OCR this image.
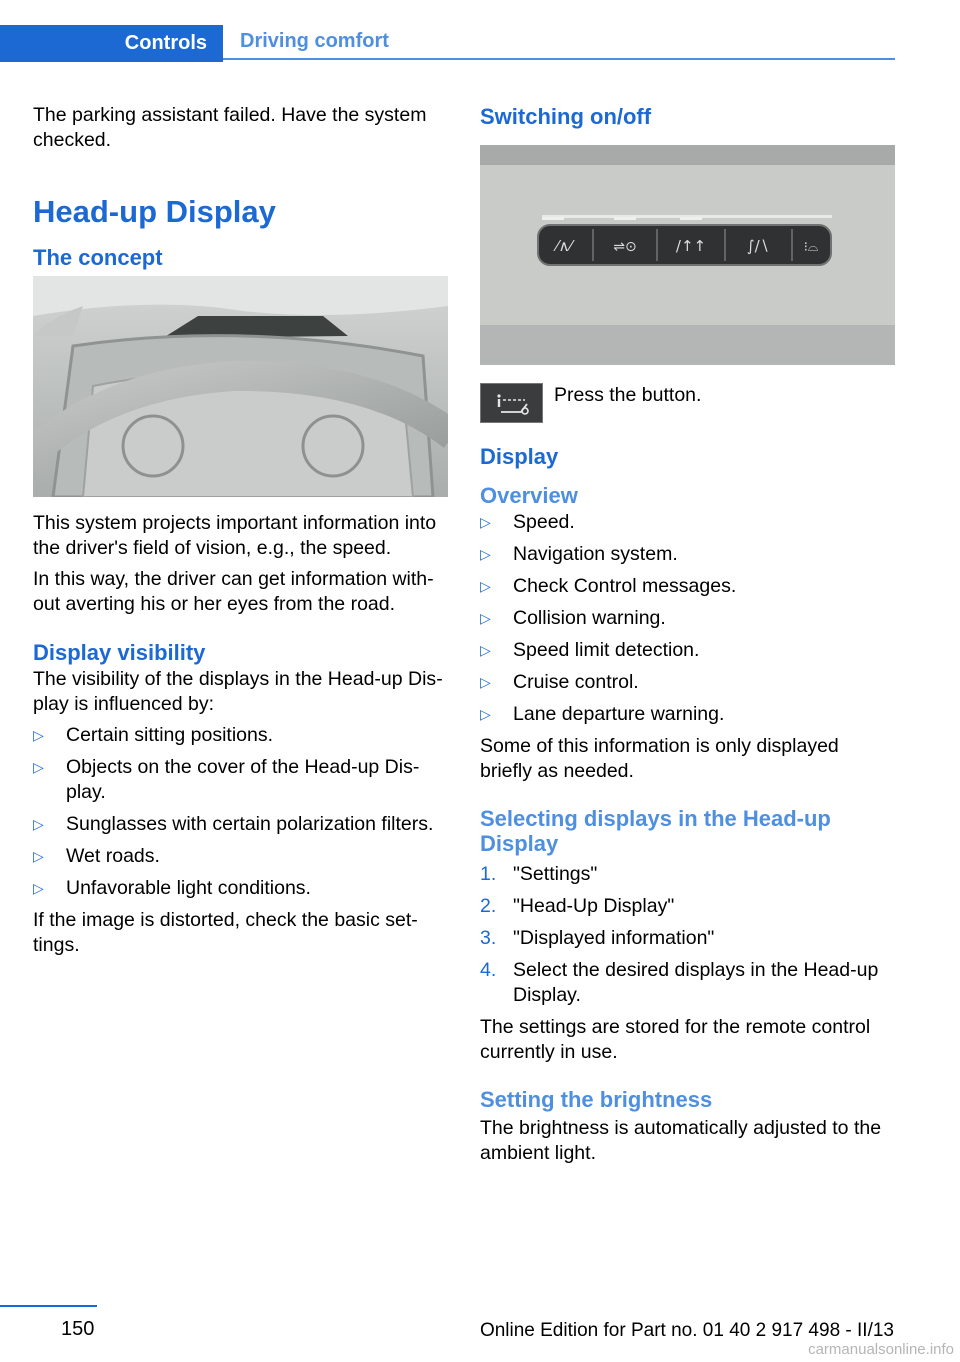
Controls	Driving comfort

The parking assistant failed. Have the system checked.

Head-up Display
The concept

This system projects important information into the driver's field of vision, e.g., the speed.

In this way, the driver can get information without averting his or her eyes from the road.

Display visibility

The visibility of the displays in the Head-up Display is influenced by:

▷ Certain sitting positions.
▷ Objects on the cover of the Head-up Display.
▷ Sunglasses with certain polarization filters.
▷ Wet roads.
▷ Unfavorable light conditions.

If the image is distorted, check the basic settings.

Switching on/off
⁄∧⁄	⇌⊙	/↑↑	∫/∖	⁝⌓
Press the button.
Display
Overview
▷ Speed.
▷ Navigation system.
▷ Check Control messages.
▷ Collision warning.
▷ Speed limit detection.
▷ Cruise control.
▷ Lane departure warning.

Some of this information is only displayed briefly as needed.

Selecting displays in the Head-up Display
1. "Settings"
2. "Head-Up Display"
3. "Displayed information"
4. Select the desired displays in the Head-up Display.

The settings are stored for the remote control currently in use.

Setting the brightness

The brightness is automatically adjusted to the ambient light.

150	Online Edition for Part no. 01 40 2 917 498 - II/13
carmanualsonline.info
